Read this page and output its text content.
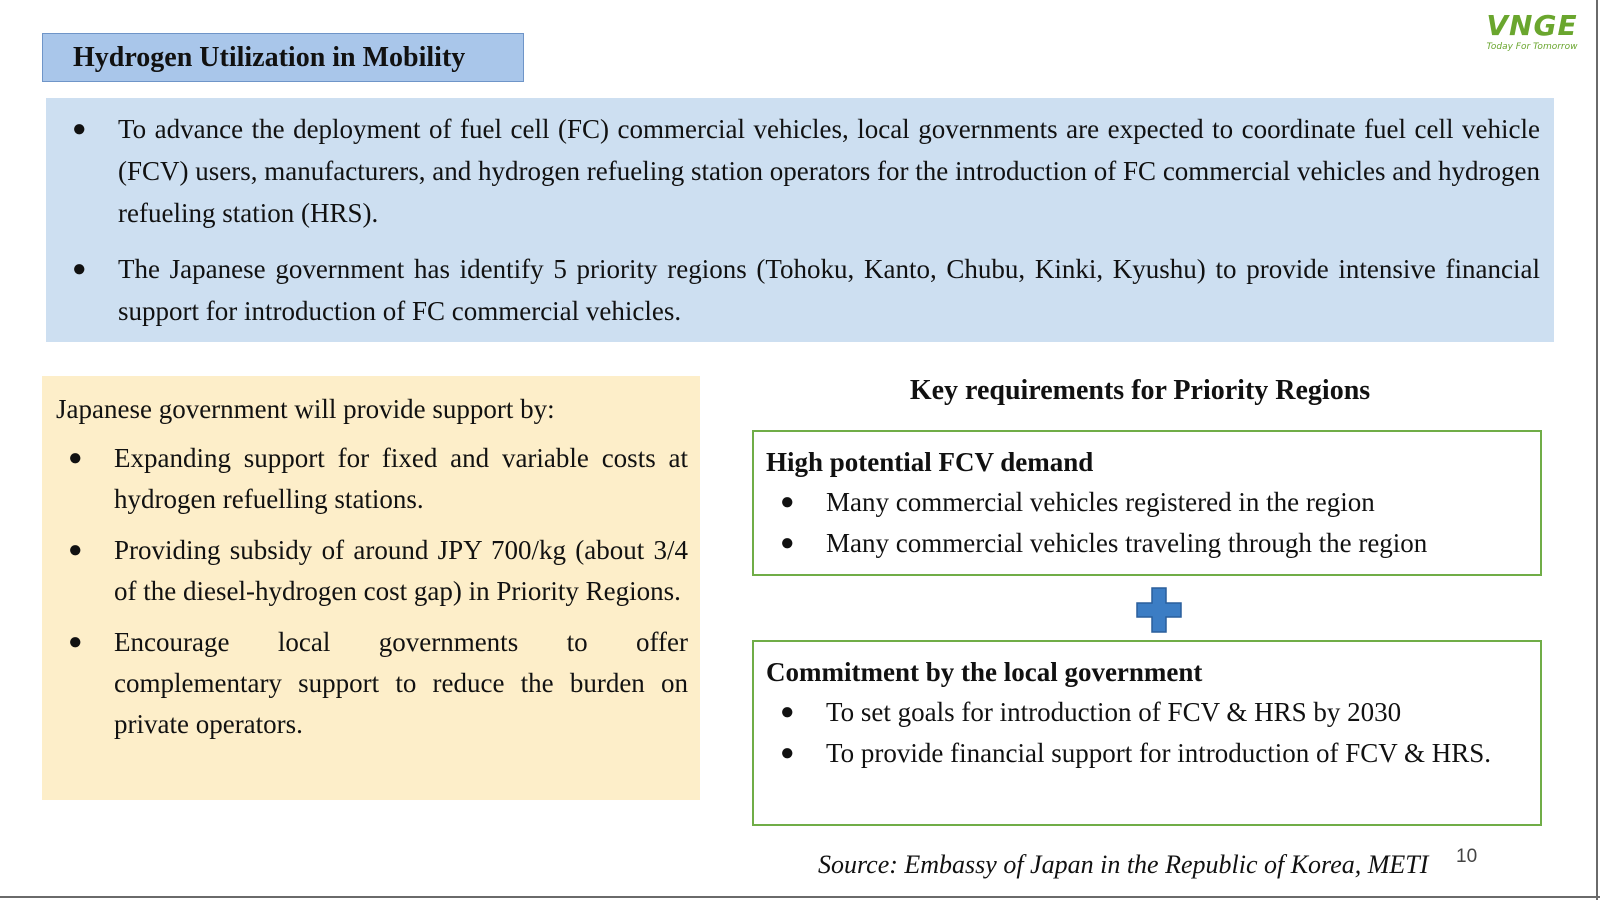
Hydrogen Utilization in Mobility
VNGE
Today For Tomorrow
● To advance the deployment of fuel cell (FC) commercial vehicles, local governments are expected to coordinate fuel cell vehicle (FCV) users, manufacturers, and hydrogen refueling station operators for the introduction of FC commercial vehicles and hydrogen refueling station (HRS).
● The Japanese government has identify 5 priority regions (Tohoku, Kanto, Chubu, Kinki, Kyushu) to provide intensive financial support for introduction of FC commercial vehicles.
Japanese government will provide support by:
● Expanding support for fixed and variable costs at hydrogen refuelling stations.
● Providing subsidy of around JPY 700/kg (about 3/4 of the diesel-hydrogen cost gap) in Priority Regions.
● Encourage local governments to offer complementary support to reduce the burden on private operators.
Key requirements for Priority Regions
High potential FCV demand
● Many commercial vehicles registered in the region
● Many commercial vehicles traveling through the region
Commitment by the local government
● To set goals for introduction of FCV & HRS by 2030
● To provide financial support for introduction of FCV & HRS.
Source: Embassy of Japan in the Republic of Korea, METI 10
